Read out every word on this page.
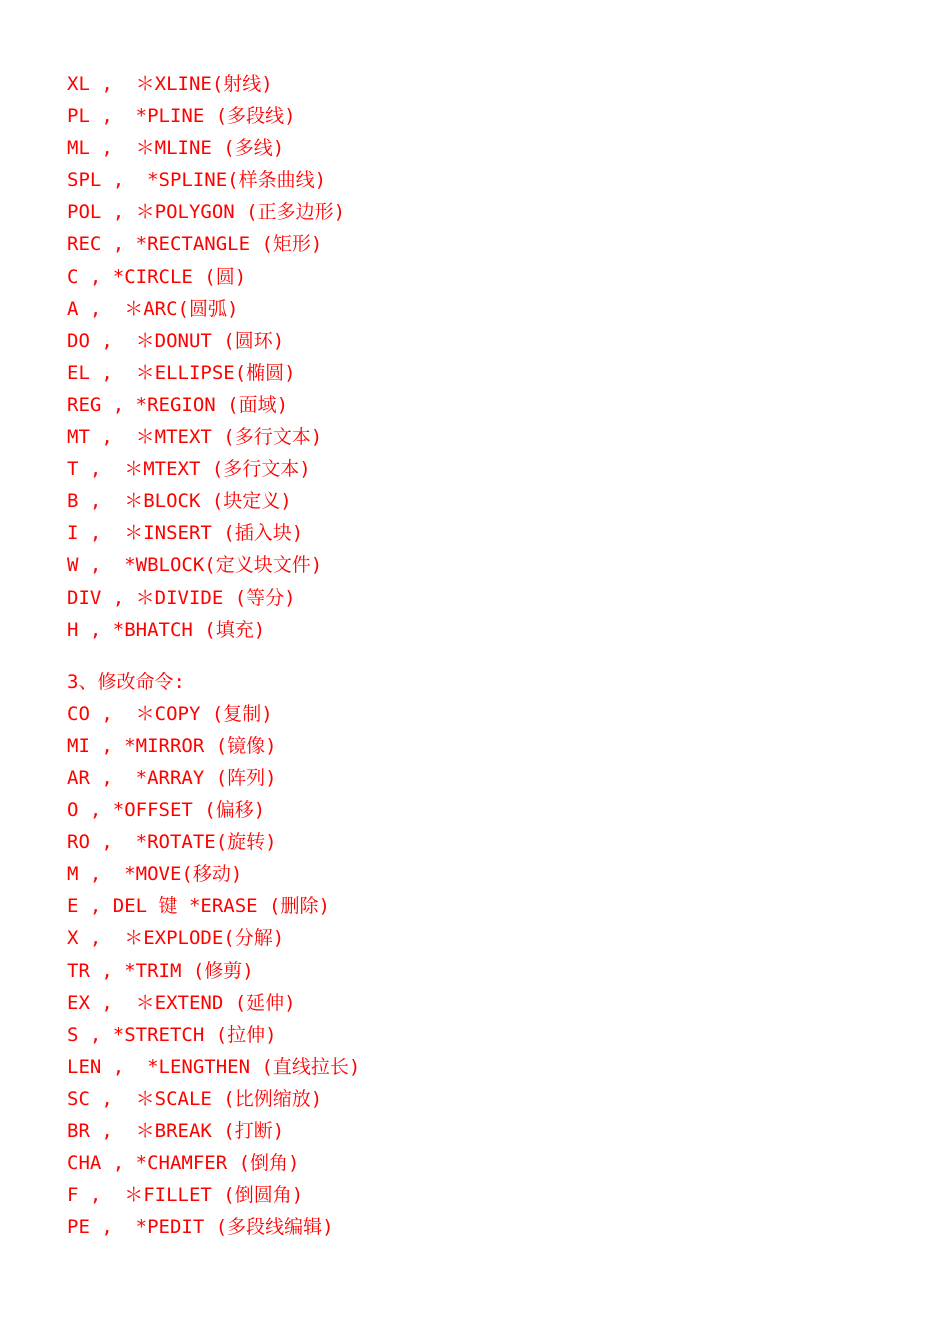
XL ,  ＊XLINE(射线)
PL ,  *PLINE (多段线)
ML ,  ＊MLINE (多线)
SPL ,  *SPLINE(样条曲线)
POL , ＊POLYGON (正多边形)
REC , *RECTANGLE (矩形)
C , *CIRCLE (圆)
A ,  ＊ARC(圆弧)
DO ,  ＊DONUT (圆环)
EL ,  ＊ELLIPSE(椭圆)
REG , *REGION (面域)
MT ,  ＊MTEXT (多行文本)
T ,  ＊MTEXT (多行文本)
B ,  ＊BLOCK (块定义)
I ,  ＊INSERT (插入块)
W ,  *WBLOCK(定义块文件)
DIV , ＊DIVIDE (等分)
H , *BHATCH (填充)
3、修改命令:
CO ,  ＊COPY (复制)
MI , *MIRROR (镜像)
AR ,  *ARRAY (阵列)
O , *OFFSET (偏移)
RO ,  *ROTATE(旋转)
M ,  *MOVE(移动)
E , DEL 键 *ERASE (删除)
X ,  ＊EXPLODE(分解)
TR , *TRIM (修剪)
EX ,  ＊EXTEND (延伸)
S , *STRETCH (拉伸)
LEN ,  *LENGTHEN (直线拉长)
SC ,  ＊SCALE (比例缩放)
BR ,  ＊BREAK (打断)
CHA , *CHAMFER (倒角)
F ,  ＊FILLET (倒圆角)
PE ,  *PEDIT (多段线编辑)
